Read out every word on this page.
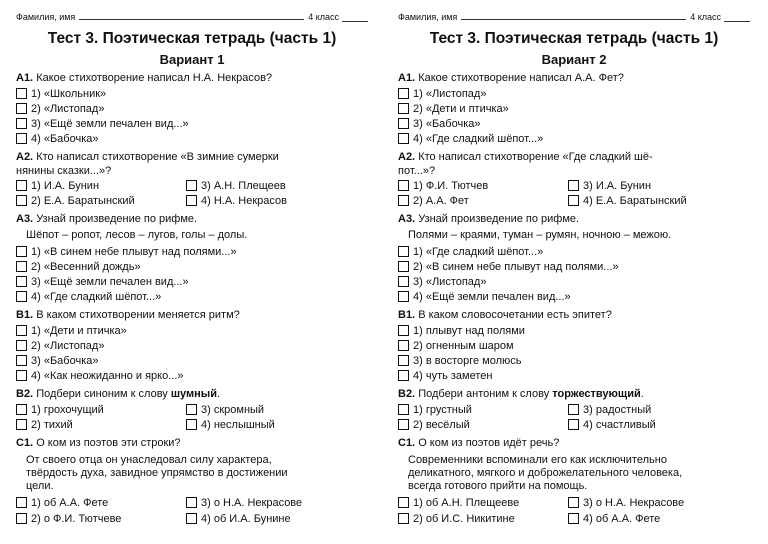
Фамилия, имя	4 класс
Тест 3. Поэтическая тетрадь (часть 1)
Вариант 1
А1. Какое стихотворение написал Н.А. Некрасов?
1) «Школьник»
2) «Листопад»
3) «Ещё земли печален вид...»
4) «Бабочка»
А2. Кто написал стихотворение «В зимние сумерки
нянины сказки...»?
1) И.А. Бунин	3) А.Н. Плещеев
2) Е.А. Баратынский	4) Н.А. Некрасов
А3. Узнай произведение по рифме.
Шёпот – ропот, лесов – лугов, голы – долы.
1) «В синем небе плывут над полями...»
2) «Весенний дождь»
3) «Ещё земли печален вид...»
4) «Где сладкий шёпот...»
В1. В каком стихотворении меняется ритм?
1) «Дети и птичка»
2) «Листопад»
3) «Бабочка»
4) «Как неожиданно и ярко...»
В2. Подбери синоним к слову шумный.
1) грохочущий	3) скромный
2) тихий	4) неслышный
С1. О ком из поэтов эти строки?
От своего отца он унаследовал силу характера,
твёрдость духа, завидное упрямство в достижении
цели.
1) об А.А. Фете	3) о Н.А. Некрасове
2) о Ф.И. Тютчеве	4) об И.А. Бунине
Фамилия, имя	4 класс
Тест 3. Поэтическая тетрадь (часть 1)
Вариант 2
А1. Какое стихотворение написал А.А. Фет?
1) «Листопад»
2) «Дети и птичка»
3) «Бабочка»
4) «Где сладкий шёпот...»
А2. Кто написал стихотворение «Где сладкий шё-
пот...»?
1) Ф.И. Тютчев	3) И.А. Бунин
2) А.А. Фет	4) Е.А. Баратынский
А3. Узнай произведение по рифме.
Полями – краями, туман – румян, ночною – межою.
1) «Где сладкий шёпот...»
2) «В синем небе плывут над полями...»
3) «Листопад»
4) «Ещё земли печален вид...»
В1. В каком словосочетании есть эпитет?
1) плывут над полями
2) огненным шаром
3) в восторге молюсь
4) чуть заметен
В2. Подбери антоним к слову торжествующий.
1) грустный	3) радостный
2) весёлый	4) счастливый
С1. О ком из поэтов идёт речь?
Современники вспоминали его как исключительно
деликатного, мягкого и доброжелательного человека,
всегда готового прийти на помощь.
1) об А.Н. Плещееве	3) о Н.А. Некрасове
2) об И.С. Никитине	4) об А.А. Фете
